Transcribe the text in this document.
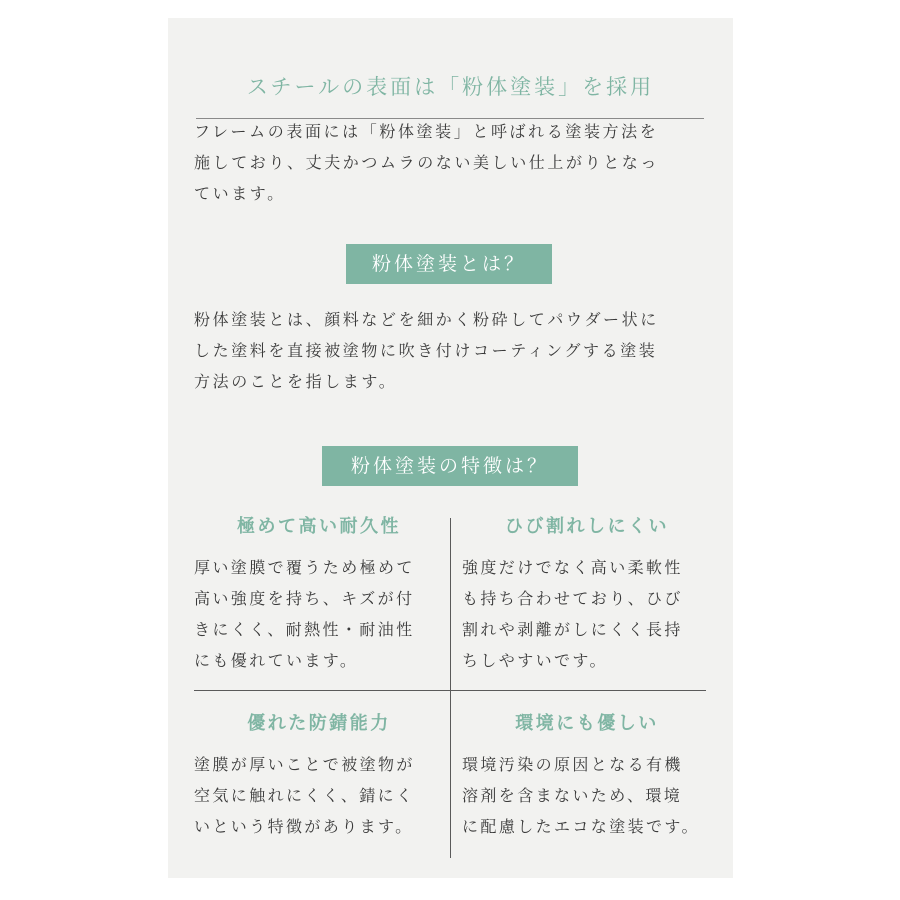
スチールの表面は「粉体塗装」を採用
フレームの表面には「粉体塗装」と呼ばれる塗装方法を
施しており、丈夫かつムラのない美しい仕上がりとなっ
ています。
粉体塗装とは？
粉体塗装とは、顔料などを細かく粉砕してパウダー状に
した塗料を直接被塗物に吹き付けコーティングする塗装
方法のことを指します。
粉体塗装の特徴は？
極めて高い耐久性
厚い塗膜で覆うため極めて
高い強度を持ち、キズが付
きにくく、耐熱性・耐油性
にも優れています。
ひび割れしにくい
強度だけでなく高い柔軟性
も持ち合わせており、ひび
割れや剥離がしにくく長持
ちしやすいです。
優れた防錆能力
塗膜が厚いことで被塗物が
空気に触れにくく、錆にく
いという特徴があります。
環境にも優しい
環境汚染の原因となる有機
溶剤を含まないため、環境
に配慮したエコな塗装です。
